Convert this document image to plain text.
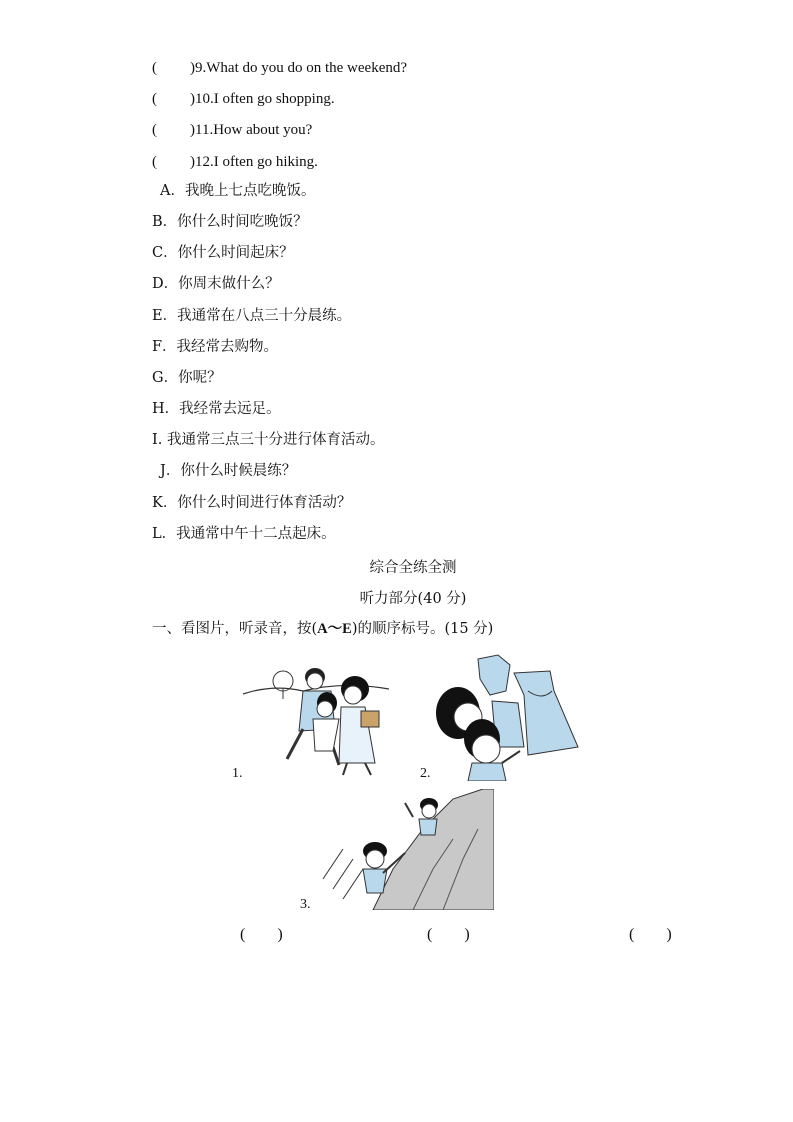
( )9.What do you do on the weekend?
( )10.I often go shopping.
( )11.How about you?
( )12.I often go hiking.
A．我晚上七点吃晚饭。
B．你什么时间吃晚饭？
C．你什么时间起床？
D．你周末做什么？
E．我通常在八点三十分晨练。
F．我经常去购物。
G．你呢？
H．我经常去远足。
I. 我通常三点三十分进行体育活动。
J．你什么时候晨练？
K．你什么时间进行体育活动？
L．我通常中午十二点起床。
综合全练全测
听力部分(40 分)
一、看图片，听录音，按(A～E)的顺序标号。(15 分)
1.	2.
3.
(　　)	(　　)	(　　)
